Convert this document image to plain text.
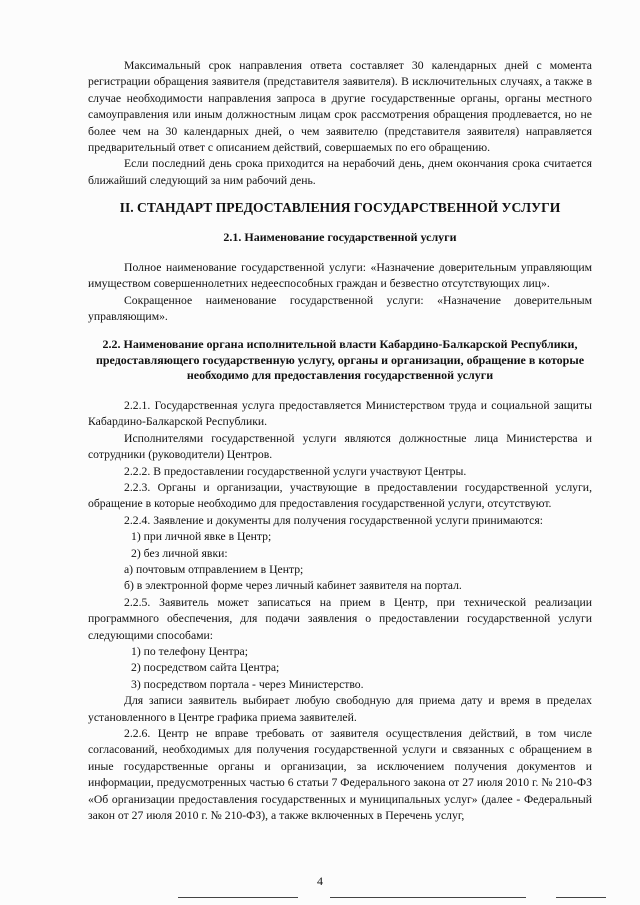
Максимальный срок направления ответа составляет 30 календарных дней с момента регистрации обращения заявителя (представителя заявителя). В исключительных случаях, а также в случае необходимости направления запроса в другие государственные органы, органы местного самоуправления или иным должностным лицам срок рассмотрения обращения продлевается, но не более чем на 30 календарных дней, о чем заявителю (представителя заявителя) направляется предварительный ответ с описанием действий, совершаемых по его обращению.

Если последний день срока приходится на нерабочий день, днем окончания срока считается ближайший следующий за ним рабочий день.

II. СТАНДАРТ ПРЕДОСТАВЛЕНИЯ ГОСУДАРСТВЕННОЙ УСЛУГИ
2.1. Наименование государственной услуги

Полное наименование государственной услуги: «Назначение доверительным управляющим имуществом совершеннолетних недееспособных граждан и безвестно отсутствующих лиц».

Сокращенное наименование государственной услуги: «Назначение доверительным управляющим».

2.2. Наименование органа исполнительной власти Кабардино-Балкарской Республики, предоставляющего государственную услугу, органы и организации, обращение в которые необходимо для предоставления государственной услуги

2.2.1. Государственная услуга предоставляется Министерством труда и социальной защиты Кабардино-Балкарской Республики.

Исполнителями государственной услуги являются должностные лица Министерства и сотрудники (руководители) Центров.

2.2.2. В предоставлении государственной услуги участвуют Центры.

2.2.3. Органы и организации, участвующие в предоставлении государственной услуги, обращение в которые необходимо для предоставления государственной услуги, отсутствуют.

2.2.4. Заявление и документы для получения государственной услуги принимаются:

1) при личной явке в Центр;

2) без личной явки:

а) почтовым отправлением в Центр;

б) в электронной форме через личный кабинет заявителя на портал.

2.2.5. Заявитель может записаться на прием в Центр, при технической реализации программного обеспечения, для подачи заявления о предоставлении государственной услуги следующими способами:

1) по телефону Центра;

2) посредством сайта Центра;

3) посредством портала - через Министерство.

Для записи заявитель выбирает любую свободную для приема дату и время в пределах установленного в Центре графика приема заявителей.

2.2.6. Центр не вправе требовать от заявителя осуществления действий, в том числе согласований, необходимых для получения государственной услуги и связанных с обращением в иные государственные органы и организации, за исключением получения документов и информации, предусмотренных частью 6 статьи 7 Федерального закона от 27 июля 2010 г. № 210-ФЗ «Об организации предоставления государственных и муниципальных услуг» (далее - Федеральный закон от 27 июля 2010 г. № 210-ФЗ), а также включенных в Перечень услуг,

4
